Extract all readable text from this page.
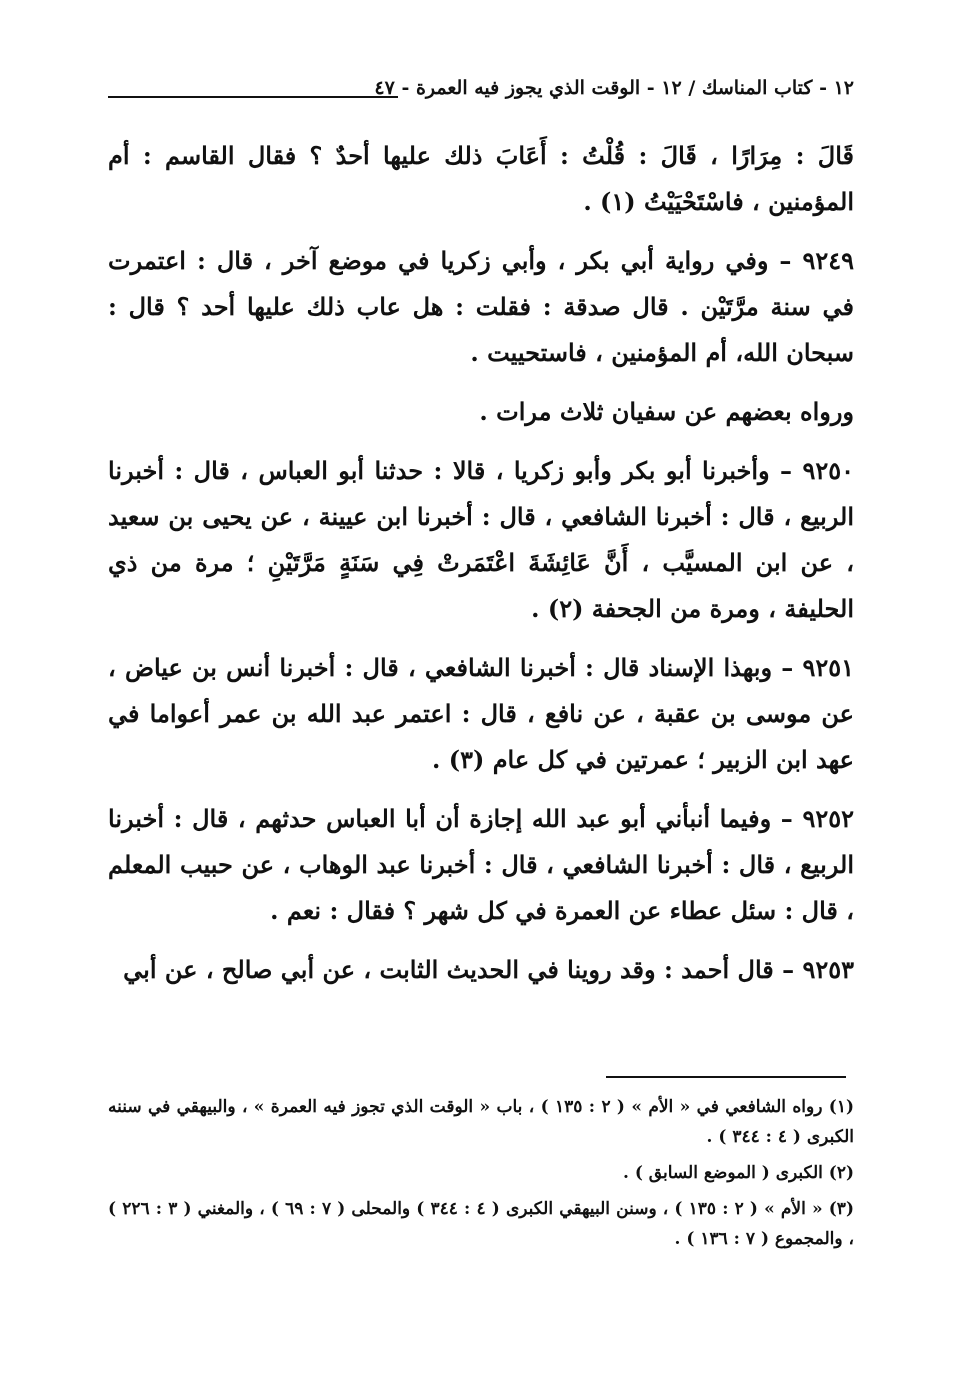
١٢ - كتاب المناسك / ١٢ - الوقت الذي يجوز فيه العمرة - ٤٧

قَالَ : مِرَارًا ، قَالَ : قُلْتُ : أَعَابَ ذلك عليها أحدٌ ؟ فقال القاسم : أم المؤمنين ، فاسْتَحْيَيْتُ (١) .

٩٢٤٩ – وفي رواية أبي بكر ، وأبي زكريا في موضع آخر ، قال : اعتمرت في سنة مرَّتَيْن . قال صدقة : فقلت : هل عاب ذلك عليها أحد ؟ قال : سبحان الله، أم المؤمنين ، فاستحييت .

ورواه بعضهم عن سفيان ثلاث مرات .

٩٢٥٠ – وأخبرنا أبو بكر وأبو زكريا ، قالا : حدثنا أبو العباس ، قال : أخبرنا الربيع ، قال : أخبرنا الشافعي ، قال : أخبرنا ابن عيينة ، عن يحيى بن سعيد ، عن ابن المسيَّب ، أَنَّ عَائِشَةَ اعْتَمَرتْ فِي سَنَةٍ مَرَّتَيْنِ ؛ مرة من ذي الحليفة ، ومرة من الجحفة (٢) .

٩٢٥١ – وبهذا الإسناد قال : أخبرنا الشافعي ، قال : أخبرنا أنس بن عياض ، عن موسى بن عقبة ، عن نافع ، قال : اعتمر عبد الله بن عمر أعواما في عهد ابن الزبير ؛ عمرتين في كل عام (٣) .

٩٢٥٢ – وفيما أنبأني أبو عبد الله إجازة أن أبا العباس حدثهم ، قال : أخبرنا الربيع ، قال : أخبرنا الشافعي ، قال : أخبرنا عبد الوهاب ، عن حبيب المعلم ، قال : سئل عطاء عن العمرة في كل شهر ؟ فقال : نعم .

٩٢٥٣ – قال أحمد : وقد روينا في الحديث الثابت ، عن أبي صالح ، عن أبي

(١) رواه الشافعي في « الأم » ( ٢ : ١٣٥ ) ، باب « الوقت الذي تجوز فيه العمرة » ، والبيهقي في سننه الكبرى ( ٤ : ٣٤٤ ) .

(٢) الكبرى ( الموضع السابق ) .

(٣) « الأم » ( ٢ : ١٣٥ ) ، وسنن البيهقي الكبرى ( ٤ : ٣٤٤ ) والمحلى ( ٧ : ٦٩ ) ، والمغني ( ٣ : ٢٢٦ ) ، والمجموع ( ٧ : ١٣٦ ) .
